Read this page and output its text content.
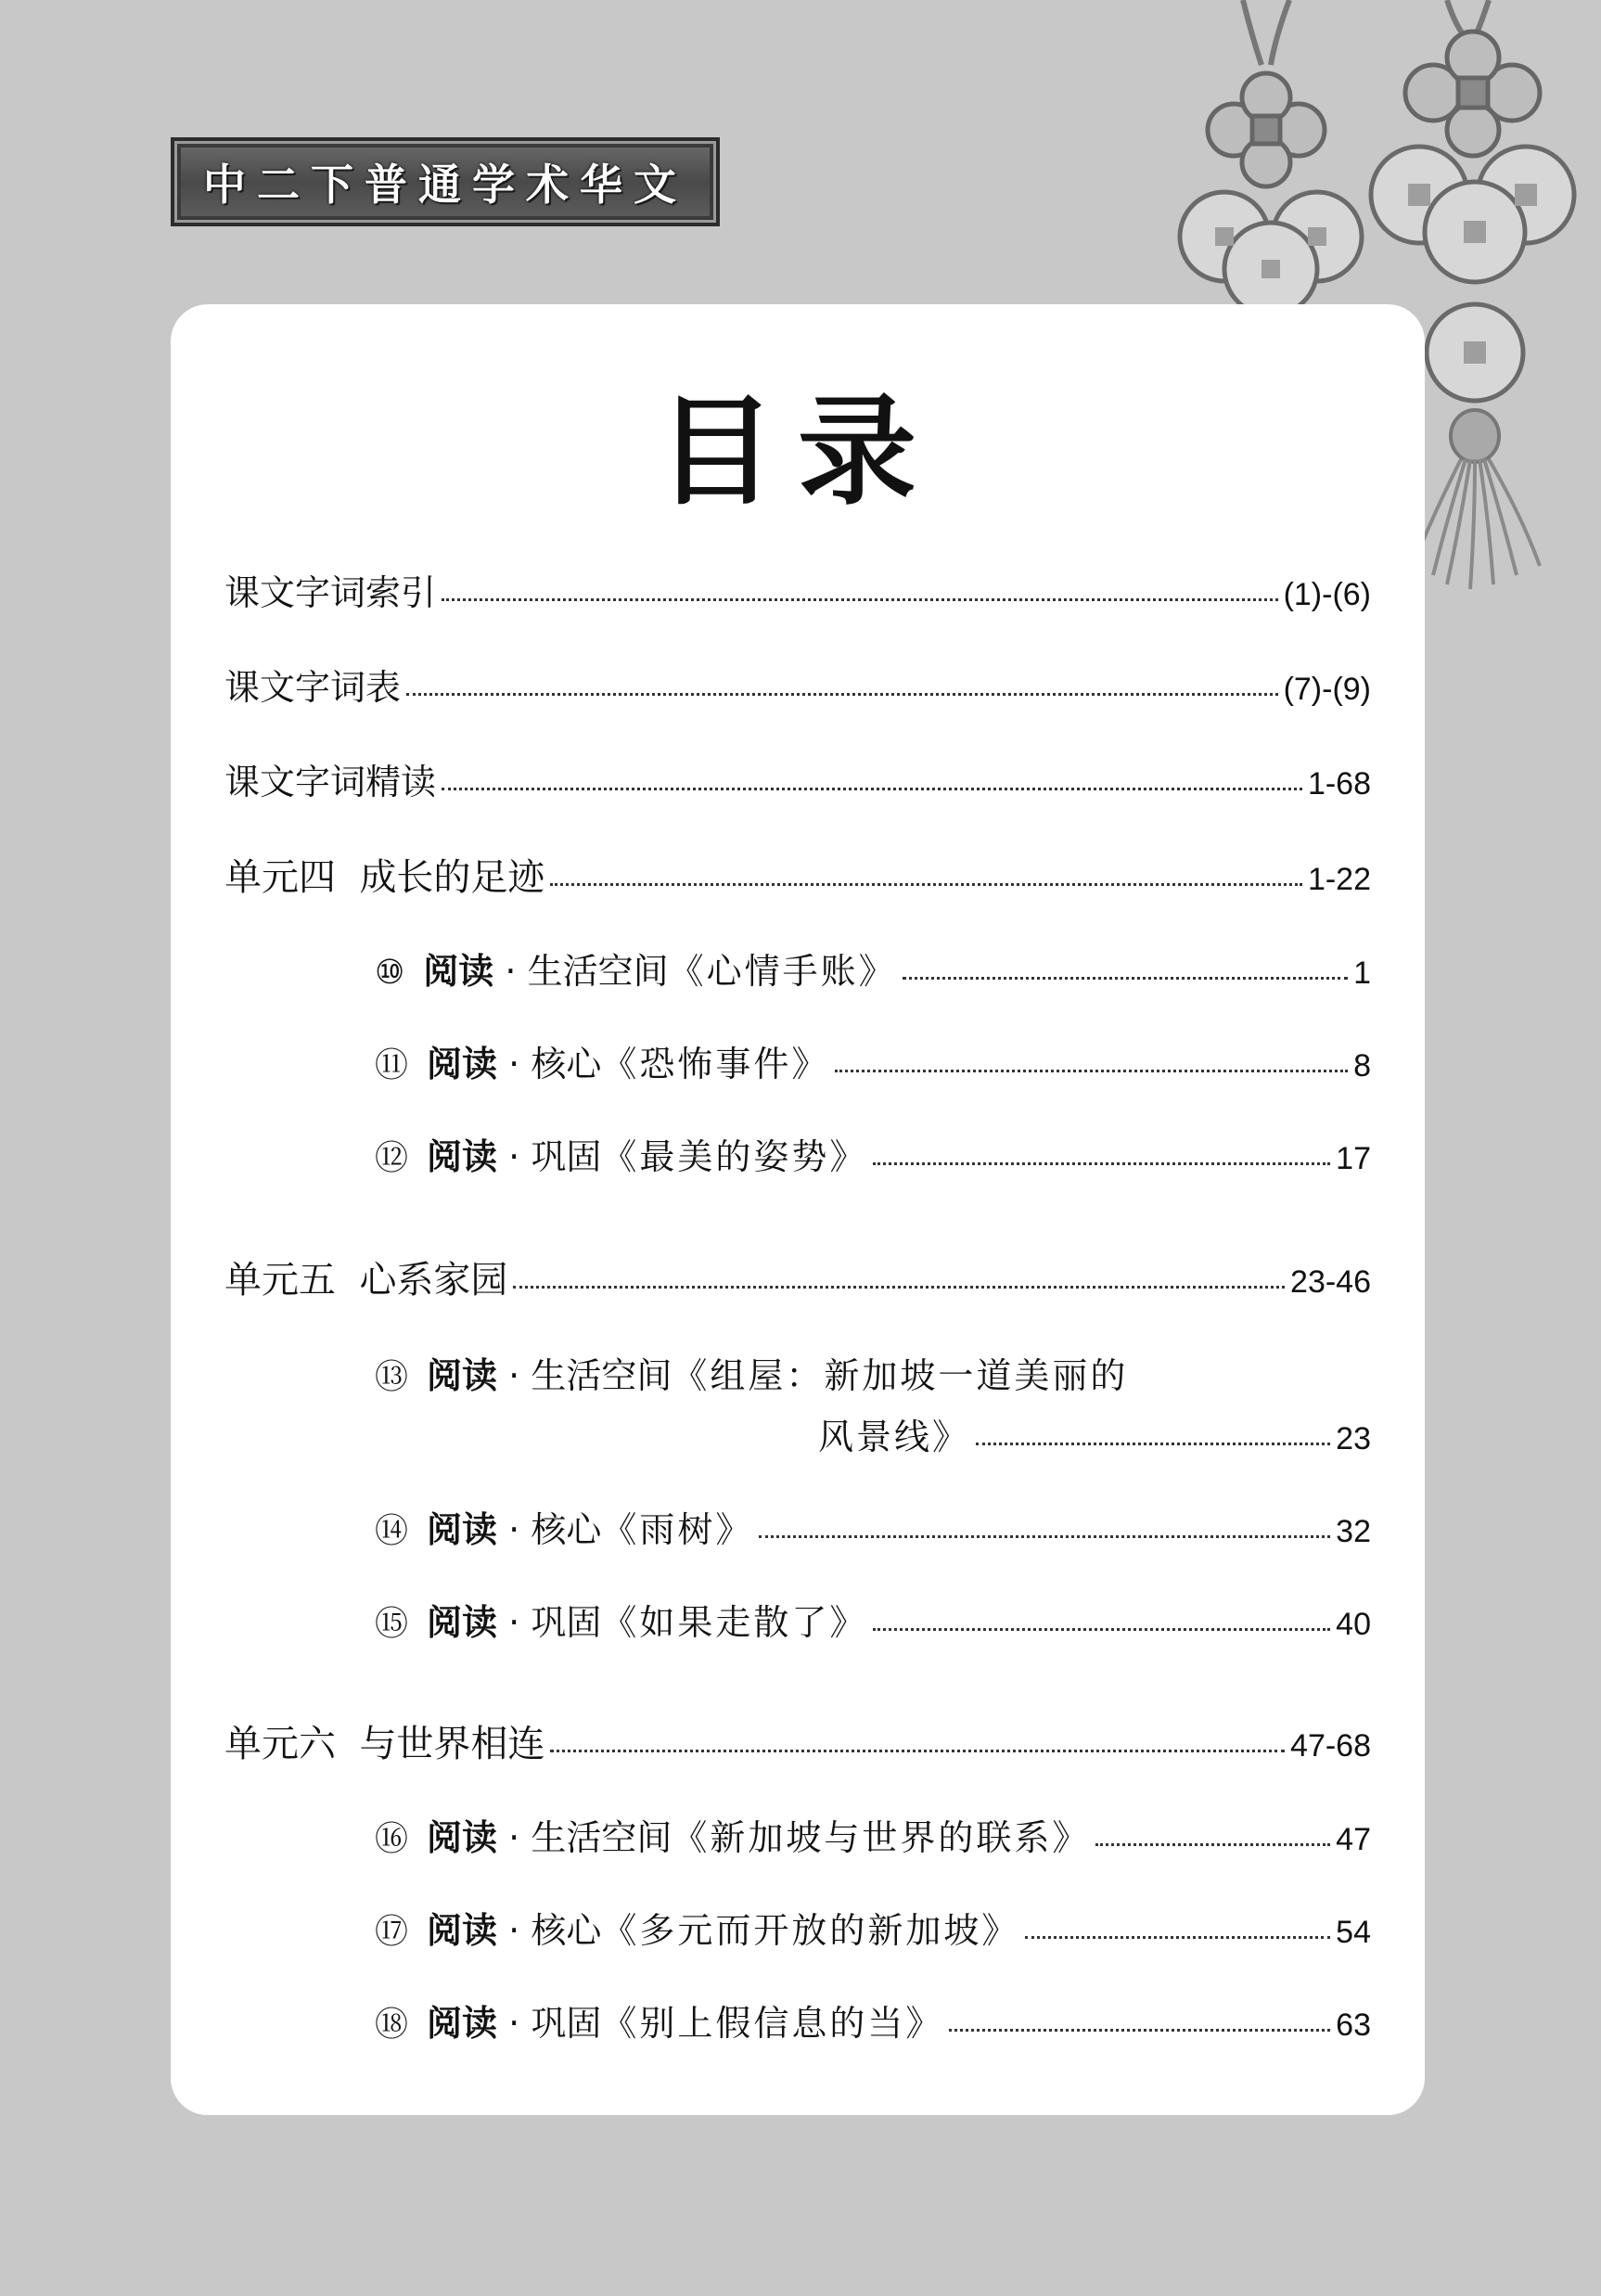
中二下普通学术华文
目录
课文字词索引	(1)-(6)
课文字词表	(7)-(9)
课文字词精读	1-68
单元四 成长的足迹	1-22
⑩ 阅读 · 生活空间《心情手账》	1
⑪ 阅读 · 核心《恐怖事件》	8
⑫ 阅读 · 巩固《最美的姿势》	17
单元五 心系家园	23-46
⑬ 阅读 · 生活空间《组屋：新加坡一道美丽的
风景线》	23
⑭ 阅读 · 核心《雨树》	32
⑮ 阅读 · 巩固《如果走散了》	40
单元六 与世界相连	47-68
⑯ 阅读 · 生活空间《新加坡与世界的联系》	47
⑰ 阅读 · 核心《多元而开放的新加坡》	54
⑱ 阅读 · 巩固《别上假信息的当》	63
